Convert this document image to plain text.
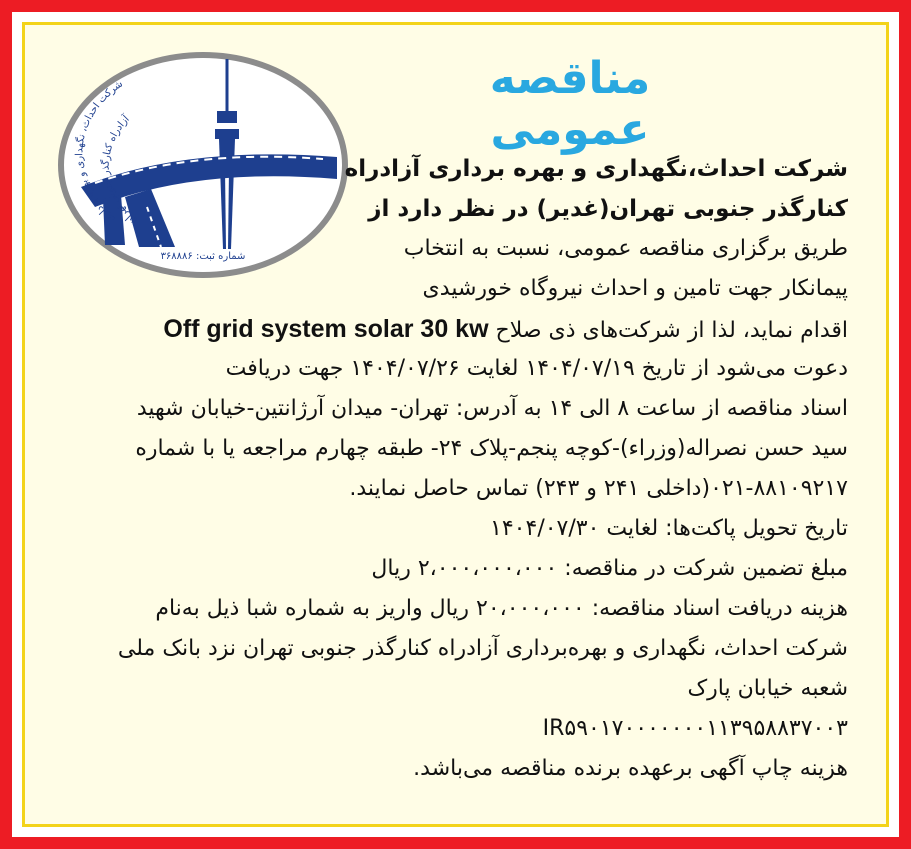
مناقصه عمومی
شرکت احداث، نگهداری و بهره برداری
آزادراه کنارگذر جنوبی تهران
شماره ثبت: ۳۶۸۸۸۶
شرکت احداث،نگهداری و بهره برداری آزادراه
کنارگذر جنوبی تهران(غدیر) در نظر دارد از
طریق برگزاری مناقصه عمومی، نسبت به انتخاب
پیمانکار جهت تامین و احداث نیروگاه خورشیدی
اقدام نماید، لذا از شرکت‌های ذی صلاح Off grid system solar 30 kw
دعوت می‌شود از تاریخ ۱۴۰۴/۰۷/۱۹ لغایت ۱۴۰۴/۰۷/۲۶ جهت دریافت
اسناد مناقصه از ساعت ۸ الی ۱۴ به آدرس: تهران- میدان آرژانتین-خیابان شهید
سید حسن نصراله(وزراء)-کوچه پنجم-پلاک ۲۴- طبقه چهارم مراجعه یا با شماره
۰۲۱-۸۸۱۰۹۲۱۷(داخلی ۲۴۱ و ۲۴۳) تماس حاصل نمایند.
تاریخ تحویل پاکت‌ها: لغایت ۱۴۰۴/۰۷/۳۰
مبلغ تضمین شرکت در مناقصه: ۲،۰۰۰،۰۰۰،۰۰۰ ریال
هزینه دریافت اسناد مناقصه: ۲۰،۰۰۰،۰۰۰ ریال واریز به شماره شبا ذیل به‌نام
شرکت احداث، نگهداری و بهره‌برداری آزادراه کنارگذر جنوبی تهران نزد بانک ملی
شعبه خیابان پارک
IR۵۹۰۱۷۰۰۰۰۰۰۰۱۱۳۹۵۸۸۳۷۰۰۳
هزینه چاپ آگهی برعهده برنده مناقصه می‌باشد.
